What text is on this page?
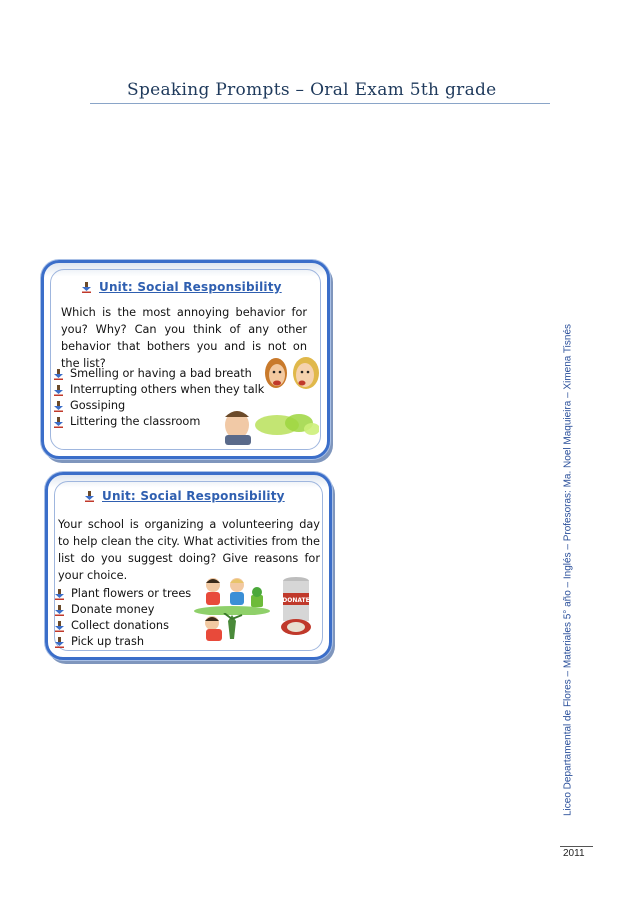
Speaking Prompts – Oral Exam 5th grade
Unit: Social Responsibility
Which is the most annoying behavior for you? Why? Can you think of any other behavior that bothers you and is not on the list?
Smelling or having a bad breath
Interrupting others when they talk
Gossiping
Littering the classroom
Unit: Social Responsibility
Your school is organizing a volunteering day to help clean the city. What activities from the list do you suggest doing? Give reasons for your choice.
Plant flowers or trees
Donate money
Collect donations
Pick up trash
DONATE	Liceo Departamental de Flores – Materiales 5° año – Inglés – Profesoras: Ma. Noel Maquieira – Ximena Tisnés
2011
